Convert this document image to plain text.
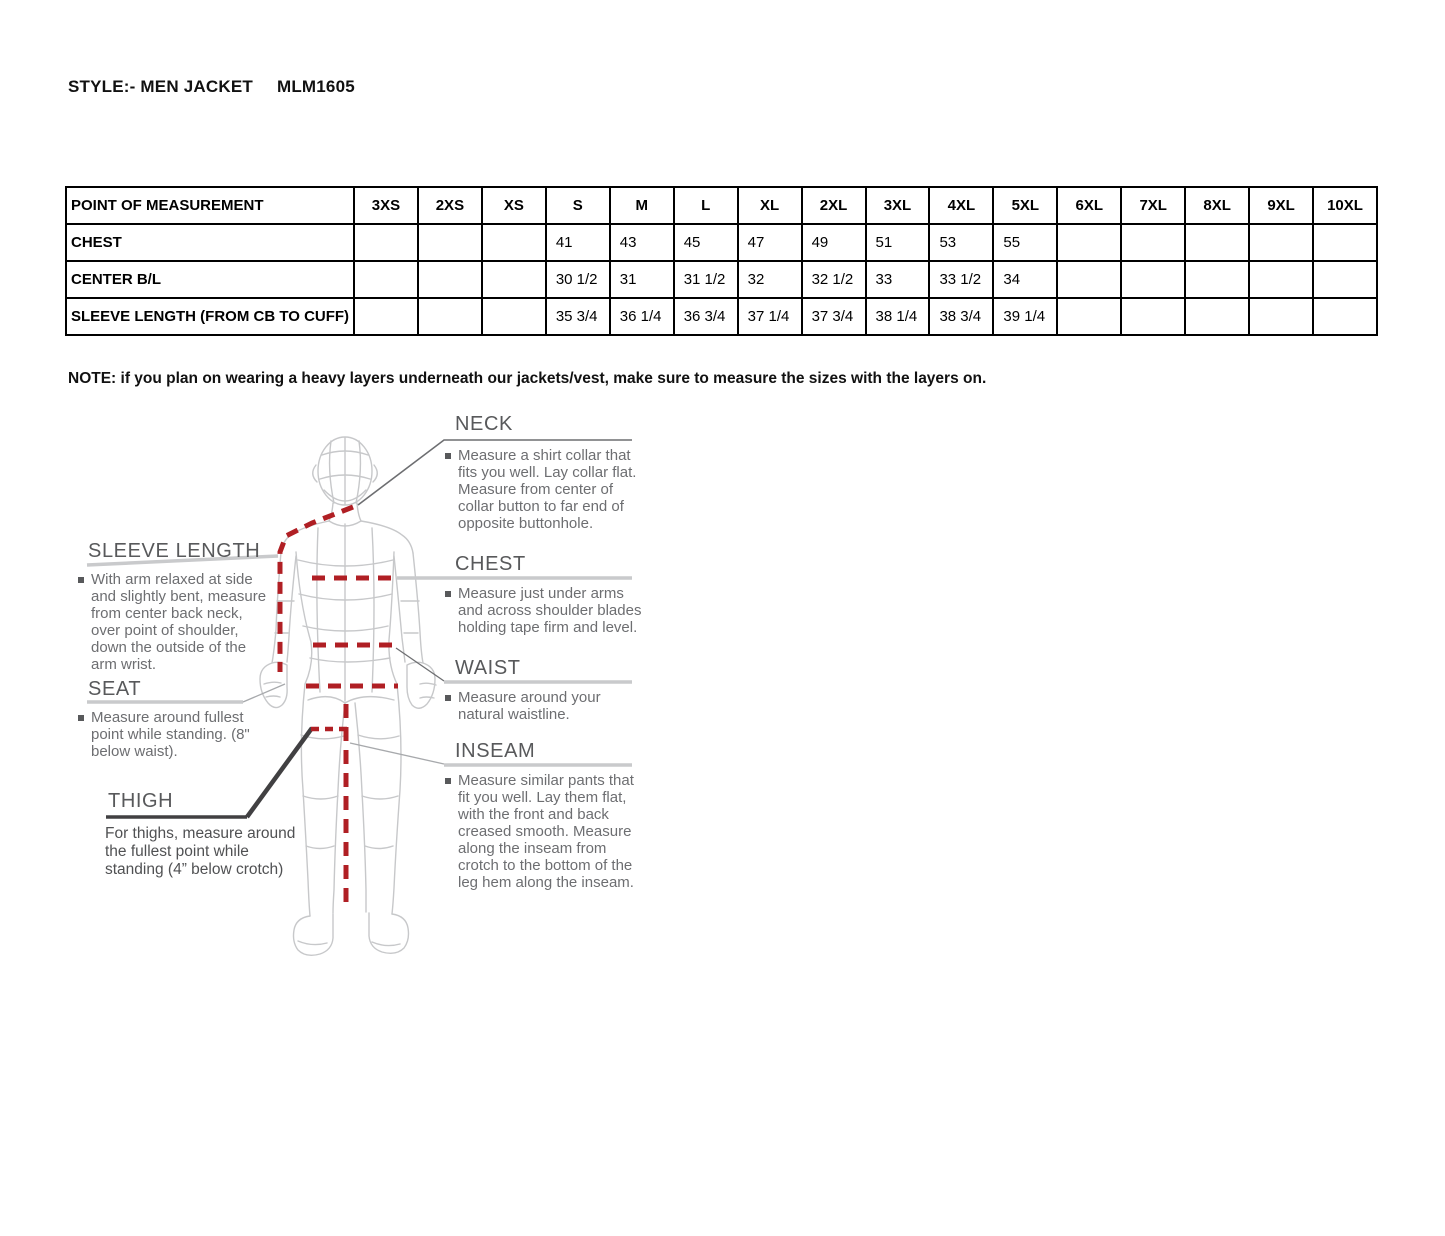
STYLE:- MEN JACKET MLM1605
POINT OF MEASUREMENT	3XS	2XS	XS	S	M	L	XL	2XL	3XL	4XL	5XL	6XL	7XL	8XL	9XL	10XL
CHEST				41	43	45	47	49	51	53	55					
CENTER B/L				30 1/2	31	31 1/2	32	32 1/2	33	33 1/2	34					
SLEEVE LENGTH (FROM CB TO CUFF)				35 3/4	36 1/4	36 3/4	37 1/4	37 3/4	38 1/4	38 3/4	39 1/4					
NOTE: if you plan on wearing a heavy layers underneath our jackets/vest, make sure to measure the sizes with the layers on.
NECK
Measure a shirt collar that fits you well. Lay collar flat. Measure from center of collar button to far end of opposite buttonhole.
CHEST
Measure just under arms and across shoulder blades holding tape firm and level.
WAIST
Measure around your natural waistline.
INSEAM
Measure similar pants that fit you well. Lay them flat, with the front and back creased smooth. Measure along the inseam from crotch to the bottom of the leg hem along the inseam.
SLEEVE LENGTH
With arm relaxed at side and slightly bent, measure from center back neck, over point of shoulder, down the outside of the arm wrist.
SEAT
Measure around fullest point while standing. (8" below waist).
THIGH
For thighs, measure around the fullest point while standing (4” below crotch)
